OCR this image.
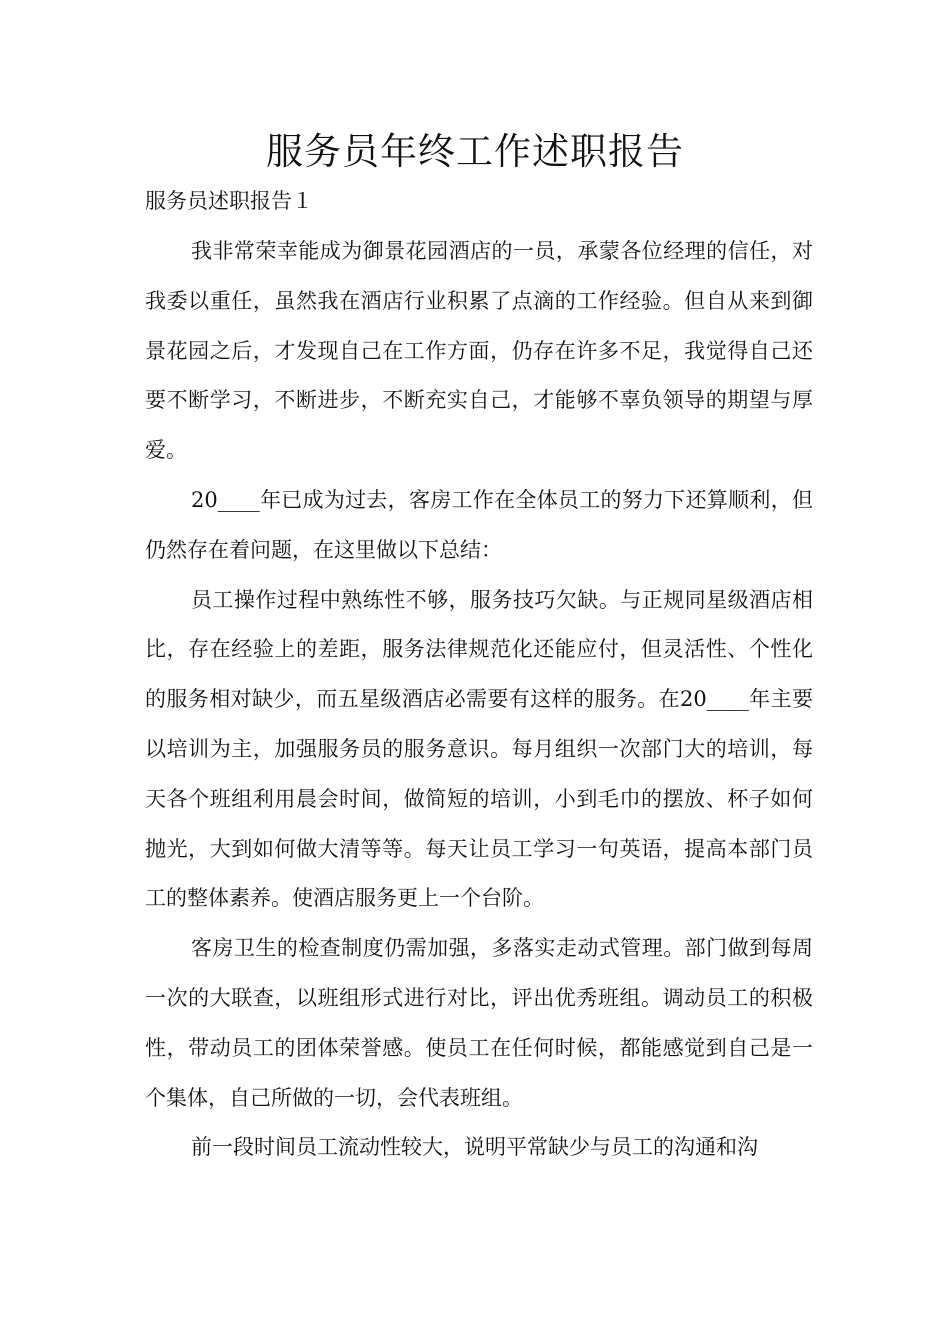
服务员年终工作述职报告
服务员述职报告１

我非常荣幸能成为御景花园酒店的一员，承蒙各位经理的信任，对我委以重任，虽然我在酒店行业积累了点滴的工作经验。但自从来到御景花园之后，才发现自己在工作方面，仍存在许多不足，我觉得自己还要不断学习，不断进步，不断充实自己，才能够不辜负领导的期望与厚爱。

20____年已成为过去，客房工作在全体员工的努力下还算顺利，但仍然存在着问题，在这里做以下总结：

员工操作过程中熟练性不够，服务技巧欠缺。与正规同星级酒店相比，存在经验上的差距，服务法律规范化还能应付，但灵活性、个性化的服务相对缺少，而五星级酒店必需要有这样的服务。在20____年主要以培训为主，加强服务员的服务意识。每月组织一次部门大的培训，每天各个班组利用晨会时间，做简短的培训，小到毛巾的摆放、杯子如何抛光，大到如何做大清等等。每天让员工学习一句英语，提高本部门员工的整体素养。使酒店服务更上一个台阶。

客房卫生的检查制度仍需加强，多落实走动式管理。部门做到每周一次的大联查，以班组形式进行对比，评出优秀班组。调动员工的积极性，带动员工的团体荣誉感。使员工在任何时候，都能感觉到自己是一个集体，自己所做的一切，会代表班组。

前一段时间员工流动性较大，说明平常缺少与员工的沟通和沟
